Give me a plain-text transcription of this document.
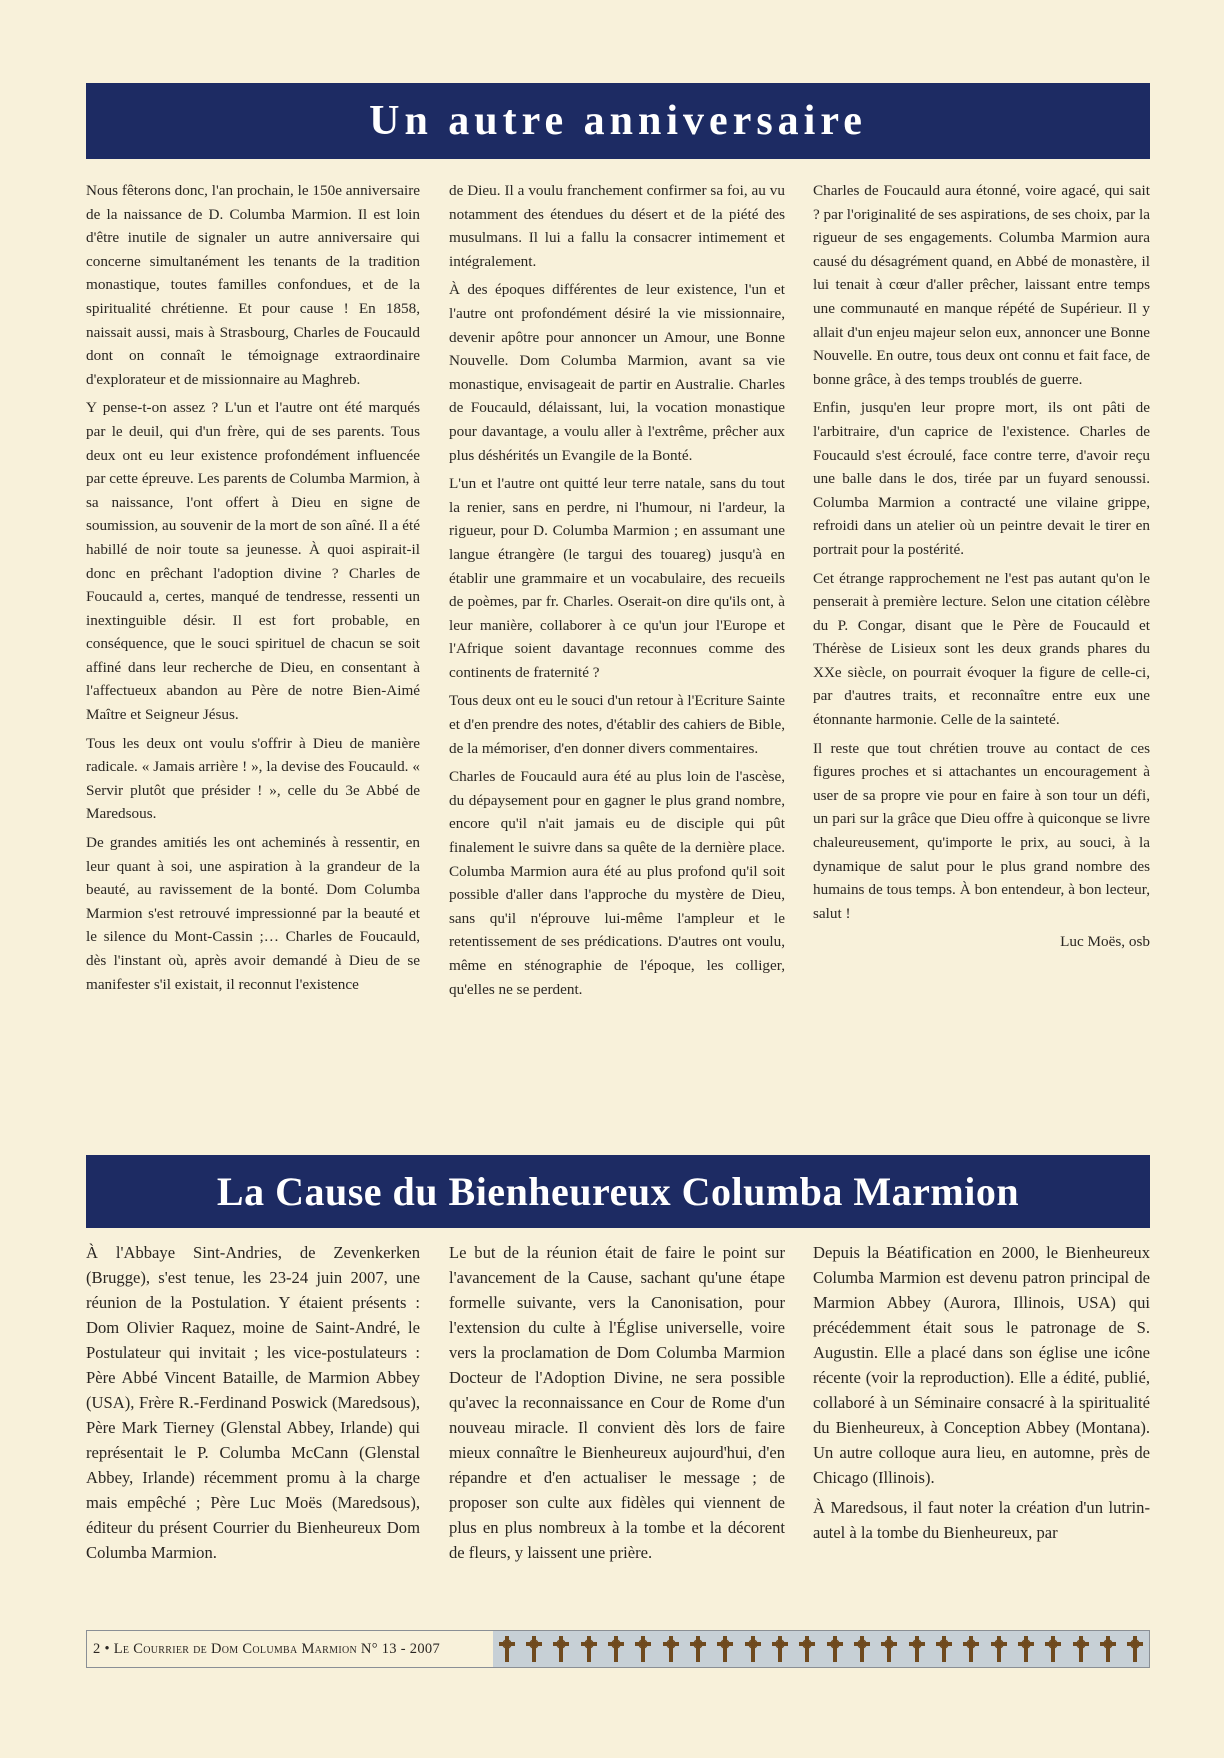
Un autre anniversaire

Nous fêterons donc, l'an prochain, le 150e anniversaire de la naissance de D. Columba Marmion. Il est loin d'être inutile de signaler un autre anniversaire qui concerne simultanément les tenants de la tradition monastique, toutes familles confondues, et de la spiritualité chrétienne. Et pour cause ! En 1858, naissait aussi, mais à Strasbourg, Charles de Foucauld dont on connaît le témoignage extraordinaire d'explorateur et de missionnaire au Maghreb.

Y pense-t-on assez ? L'un et l'autre ont été marqués par le deuil, qui d'un frère, qui de ses parents. Tous deux ont eu leur existence profondément influencée par cette épreuve. Les parents de Columba Marmion, à sa naissance, l'ont offert à Dieu en signe de soumission, au souvenir de la mort de son aîné. Il a été habillé de noir toute sa jeunesse. À quoi aspirait-il donc en prêchant l'adoption divine ? Charles de Foucauld a, certes, manqué de tendresse, ressenti un inextinguible désir. Il est fort probable, en conséquence, que le souci spirituel de chacun se soit affiné dans leur recherche de Dieu, en consentant à l'affectueux abandon au Père de notre Bien-Aimé Maître et Seigneur Jésus.

Tous les deux ont voulu s'offrir à Dieu de manière radicale. « Jamais arrière ! », la devise des Foucauld. « Servir plutôt que présider ! », celle du 3e Abbé de Maredsous.

De grandes amitiés les ont acheminés à ressentir, en leur quant à soi, une aspiration à la grandeur de la beauté, au ravissement de la bonté. Dom Columba Marmion s'est retrouvé impressionné par la beauté et le silence du Mont-Cassin ;… Charles de Foucauld, dès l'instant où, après avoir demandé à Dieu de se manifester s'il existait, il reconnut l'existence

de Dieu. Il a voulu franchement confirmer sa foi, au vu notamment des étendues du désert et de la piété des musulmans. Il lui a fallu la consacrer intimement et intégralement.

À des époques différentes de leur existence, l'un et l'autre ont profondément désiré la vie missionnaire, devenir apôtre pour annoncer un Amour, une Bonne Nouvelle. Dom Columba Marmion, avant sa vie monastique, envisageait de partir en Australie. Charles de Foucauld, délaissant, lui, la vocation monastique pour davantage, a voulu aller à l'extrême, prêcher aux plus déshérités un Evangile de la Bonté.

L'un et l'autre ont quitté leur terre natale, sans du tout la renier, sans en perdre, ni l'humour, ni l'ardeur, la rigueur, pour D. Columba Marmion ; en assumant une langue étrangère (le targui des touareg) jusqu'à en établir une grammaire et un vocabulaire, des recueils de poèmes, par fr. Charles. Oserait-on dire qu'ils ont, à leur manière, collaborer à ce qu'un jour l'Europe et l'Afrique soient davantage reconnues comme des continents de fraternité ?

Tous deux ont eu le souci d'un retour à l'Ecriture Sainte et d'en prendre des notes, d'établir des cahiers de Bible, de la mémoriser, d'en donner divers commentaires.

Charles de Foucauld aura été au plus loin de l'ascèse, du dépaysement pour en gagner le plus grand nombre, encore qu'il n'ait jamais eu de disciple qui pût finalement le suivre dans sa quête de la dernière place. Columba Marmion aura été au plus profond qu'il soit possible d'aller dans l'approche du mystère de Dieu, sans qu'il n'éprouve lui-même l'ampleur et le retentissement de ses prédications. D'autres ont voulu, même en sténographie de l'époque, les colliger, qu'elles ne se perdent.

Charles de Foucauld aura étonné, voire agacé, qui sait ? par l'originalité de ses aspirations, de ses choix, par la rigueur de ses engagements. Columba Marmion aura causé du désagrément quand, en Abbé de monastère, il lui tenait à cœur d'aller prêcher, laissant entre temps une communauté en manque répété de Supérieur. Il y allait d'un enjeu majeur selon eux, annoncer une Bonne Nouvelle. En outre, tous deux ont connu et fait face, de bonne grâce, à des temps troublés de guerre.

Enfin, jusqu'en leur propre mort, ils ont pâti de l'arbitraire, d'un caprice de l'existence. Charles de Foucauld s'est écroulé, face contre terre, d'avoir reçu une balle dans le dos, tirée par un fuyard senoussi. Columba Marmion a contracté une vilaine grippe, refroidi dans un atelier où un peintre devait le tirer en portrait pour la postérité.

Cet étrange rapprochement ne l'est pas autant qu'on le penserait à première lecture. Selon une citation célèbre du P. Congar, disant que le Père de Foucauld et Thérèse de Lisieux sont les deux grands phares du XXe siècle, on pourrait évoquer la figure de celle-ci, par d'autres traits, et reconnaître entre eux une étonnante harmonie. Celle de la sainteté.

Il reste que tout chrétien trouve au contact de ces figures proches et si attachantes un encouragement à user de sa propre vie pour en faire à son tour un défi, un pari sur la grâce que Dieu offre à quiconque se livre chaleureusement, qu'importe le prix, au souci, à la dynamique de salut pour le plus grand nombre des humains de tous temps. À bon entendeur, à bon lecteur, salut !

Luc Moës, osb
La Cause du Bienheureux Columba Marmion

À l'Abbaye Sint-Andries, de Zevenkerken (Brugge), s'est tenue, les 23-24 juin 2007, une réunion de la Postulation. Y étaient présents : Dom Olivier Raquez, moine de Saint-André, le Postulateur qui invitait ; les vice-postulateurs : Père Abbé Vincent Bataille, de Marmion Abbey (USA), Frère R.-Ferdinand Poswick (Maredsous), Père Mark Tierney (Glenstal Abbey, Irlande) qui représentait le P. Columba McCann (Glenstal Abbey, Irlande) récemment promu à la charge mais empêché ; Père Luc Moës (Maredsous), éditeur du présent Courrier du Bienheureux Dom Columba Marmion.

Le but de la réunion était de faire le point sur l'avancement de la Cause, sachant qu'une étape formelle suivante, vers la Canonisation, pour l'extension du culte à l'Église universelle, voire vers la proclamation de Dom Columba Marmion Docteur de l'Adoption Divine, ne sera possible qu'avec la reconnaissance en Cour de Rome d'un nouveau miracle. Il convient dès lors de faire mieux connaître le Bienheureux aujourd'hui, d'en répandre et d'en actualiser le message ; de proposer son culte aux fidèles qui viennent de plus en plus nombreux à la tombe et la décorent de fleurs, y laissent une prière.

Depuis la Béatification en 2000, le Bienheureux Columba Marmion est devenu patron principal de Marmion Abbey (Aurora, Illinois, USA) qui précédemment était sous le patronage de S. Augustin. Elle a placé dans son église une icône récente (voir la reproduction). Elle a édité, publié, collaboré à un Séminaire consacré à la spiritualité du Bienheureux, à Conception Abbey (Montana). Un autre colloque aura lieu, en automne, près de Chicago (Illinois).

À Maredsous, il faut noter la création d'un lutrin-autel à la tombe du Bienheureux, par

2 • Le Courrier de Dom Columba Marmion N° 13 - 2007
